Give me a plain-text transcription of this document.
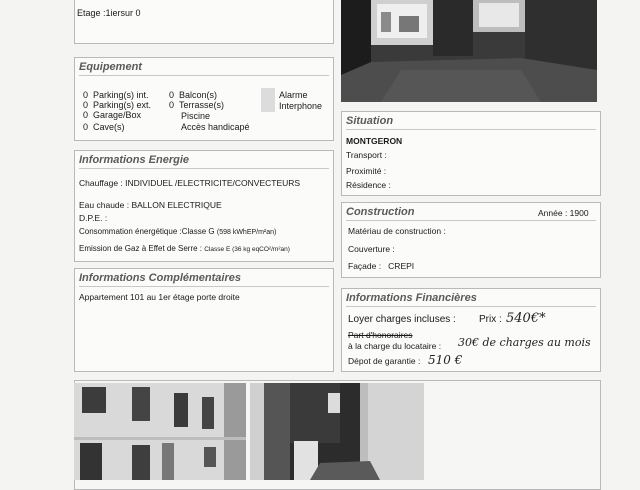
Etage :1iersur 0
Equipement
0 Parking(s) int.
0 Parking(s) ext.
0 Garage/Box
0 Cave(s)
0 Balcon(s)
0 Terrasse(s)
Piscine
Accès handicapé
Alarme
Interphone
Informations Energie
Chauffage : INDIVIDUEL /ELECTRICITE/CONVECTEURS
Eau chaude : BALLON ELECTRIQUE
D.P.E. :
Consommation énergétique :Classe G (598 kWhEP/m²an)
Emission de Gaz à Effet de Serre : Classe E (36 kg eqCO²/m²an)
Informations Complémentaires
Appartement 101 au 1er étage porte droite
Situation
MONTGERON
Transport :
Proximité :
Résidence :
Construction	Année : 1900
Matériau de construction :
Couverture :
Façade : CREPI
Informations Financières
Loyer charges incluses : Prix : 540€*
Part d'honoraires
à la charge du locataire : 30€ de charges au mois
Dépot de garantie : 510 €
